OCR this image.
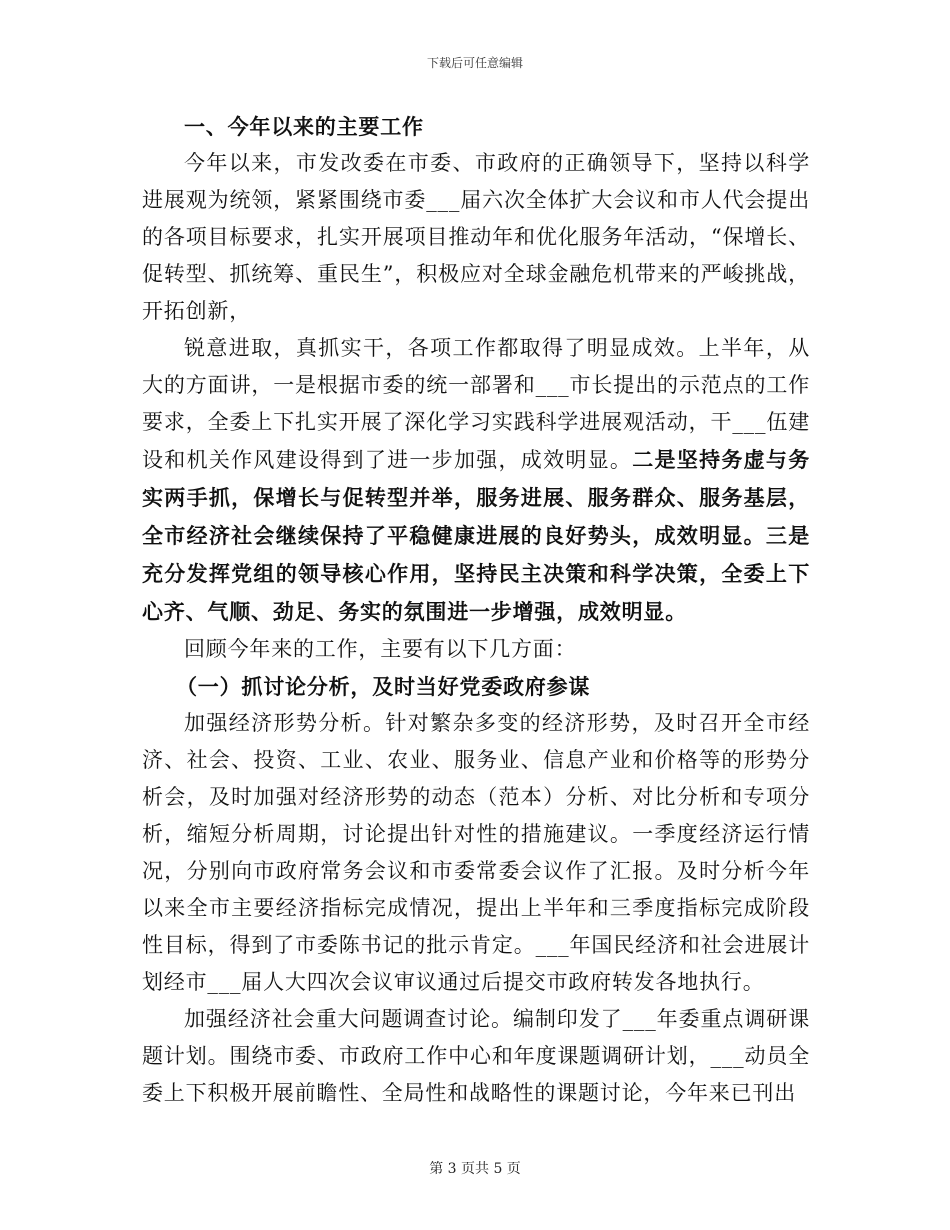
下载后可任意编辑

一、今年以来的主要工作

今年以来，市发改委在市委、市政府的正确领导下，坚持以科学进展观为统领，紧紧围绕市委___届六次全体扩大会议和市人代会提出的各项目标要求，扎实开展项目推动年和优化服务年活动，“保增长、促转型、抓统筹、重民生”，积极应对全球金融危机带来的严峻挑战，开拓创新，

锐意进取，真抓实干，各项工作都取得了明显成效。上半年，从大的方面讲，一是根据市委的统一部署和___市长提出的示范点的工作要求，全委上下扎实开展了深化学习实践科学进展观活动，干___伍建设和机关作风建设得到了进一步加强，成效明显。二是坚持务虚与务实两手抓，保增长与促转型并举，服务进展、服务群众、服务基层，全市经济社会继续保持了平稳健康进展的良好势头，成效明显。三是充分发挥党组的领导核心作用，坚持民主决策和科学决策，全委上下心齐、气顺、劲足、务实的氛围进一步增强，成效明显。

回顾今年来的工作，主要有以下几方面：

（一）抓讨论分析，及时当好党委政府参谋

加强经济形势分析。针对繁杂多变的经济形势，及时召开全市经济、社会、投资、工业、农业、服务业、信息产业和价格等的形势分析会，及时加强对经济形势的动态（范本）分析、对比分析和专项分析，缩短分析周期，讨论提出针对性的措施建议。一季度经济运行情况，分别向市政府常务会议和市委常委会议作了汇报。及时分析今年以来全市主要经济指标完成情况，提出上半年和三季度指标完成阶段性目标，得到了市委陈书记的批示肯定。___年国民经济和社会进展计划经市___届人大四次会议审议通过后提交市政府转发各地执行。

加强经济社会重大问题调查讨论。编制印发了___年委重点调研课题计划。围绕市委、市政府工作中心和年度课题调研计划，___动员全委上下积极开展前瞻性、全局性和战略性的课题讨论，今年来已刊出

第 3 页共 5 页
